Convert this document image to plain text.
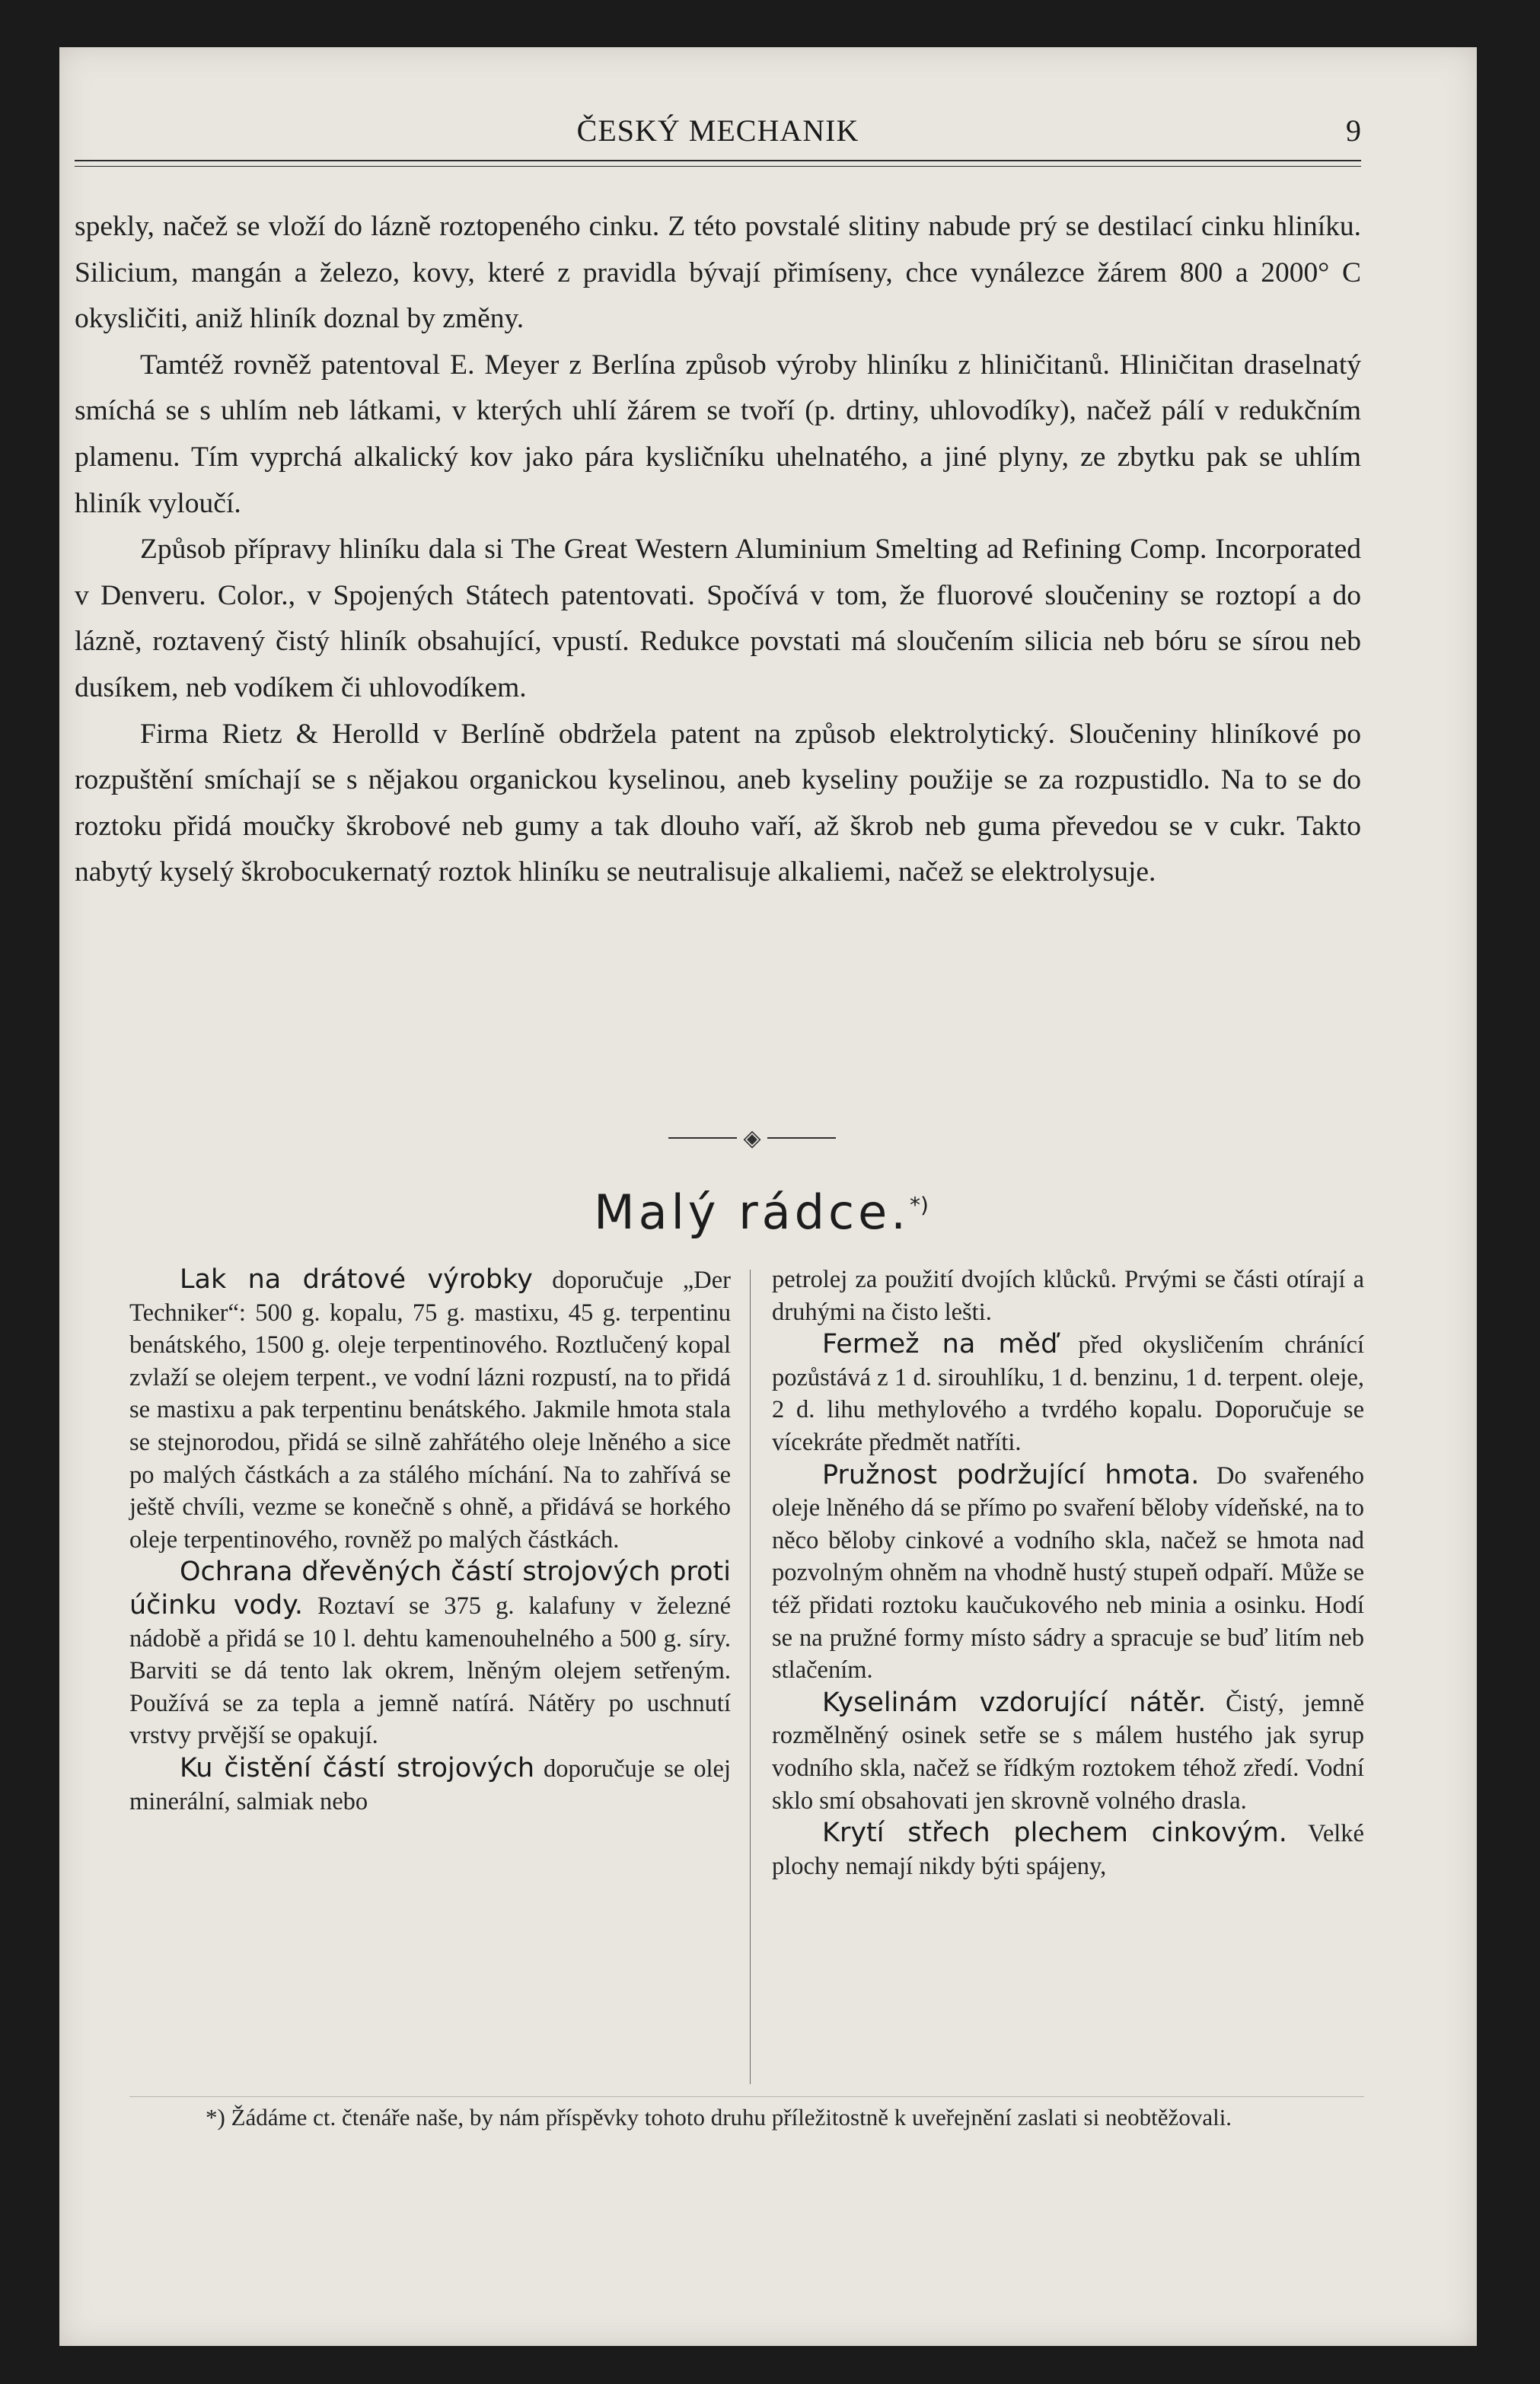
ČESKÝ MECHANIK	9

spekly, načež se vloží do lázně roztopeného cinku. Z této povstalé slitiny nabude prý se destilací cinku hliníku. Silicium, mangán a železo, kovy, které z pravidla bývají přimíseny, chce vynálezce žárem 800 a 2000° C okysličiti, aniž hliník doznal by změny.

Tamtéž rovněž patentoval E. Meyer z Berlína způsob výroby hliníku z hliničitanů. Hliničitan draselnatý smíchá se s uhlím neb látkami, v kterých uhlí žárem se tvoří (p. drtiny, uhlovodíky), načež pálí v redukčním plamenu. Tím vyprchá alkalický kov jako pára kysličníku uhelnatého, a jiné plyny, ze zbytku pak se uhlím hliník vyloučí.

Způsob přípravy hliníku dala si The Great Western Aluminium Smelting ad Refining Comp. Incorporated v Denveru. Color., v Spojených Státech patentovati. Spočívá v tom, že fluorové sloučeniny se roztopí a do lázně, roztavený čistý hliník obsahující, vpustí. Redukce povstati má sloučením silicia neb bóru se sírou neb dusíkem, neb vodíkem či uhlovodíkem.

Firma Rietz & Herolld v Berlíně obdržela patent na způsob elektrolytický. Sloučeniny hliníkové po rozpuštění smíchají se s nějakou organickou kyselinou, aneb kyseliny použije se za rozpustidlo. Na to se do roztoku přidá moučky škrobové neb gumy a tak dlouho vaří, až škrob neb guma převedou se v cukr. Takto nabytý kyselý škrobocukernatý roztok hliníku se neutralisuje alkaliemi, načež se elektrolysuje.

◈
Malý rádce.*)

Lak na drátové výrobky doporučuje „Der Techniker“: 500 g. kopalu, 75 g. mastixu, 45 g. terpentinu benátského, 1500 g. oleje terpentinového. Roztlučený kopal zvlaží se olejem terpent., ve vodní lázni rozpustí, na to přidá se mastixu a pak terpentinu benátského. Jakmile hmota stala se stejnorodou, přidá se silně zahřátého oleje lněného a sice po malých částkách a za stálého míchání. Na to zahřívá se ještě chvíli, vezme se konečně s ohně, a přidává se horkého oleje terpentinového, rovněž po malých částkách.

Ochrana dřevěných částí strojových proti účinku vody. Roztaví se 375 g. kalafuny v železné nádobě a přidá se 10 l. dehtu kamenouhelného a 500 g. síry. Barviti se dá tento lak okrem, lněným olejem setřeným. Používá se za tepla a jemně natírá. Nátěry po uschnutí vrstvy prvější se opakují.

Ku čistění částí strojových doporučuje se olej minerální, salmiak nebo

petrolej za použití dvojích klůcků. Prvými se části otírají a druhými na čisto lešti.

Fermež na měď před okysličením chránící pozůstává z 1 d. sirouhlíku, 1 d. benzinu, 1 d. terpent. oleje, 2 d. lihu methylového a tvrdého kopalu. Doporučuje se vícekráte předmět natříti.

Pružnost podržující hmota. Do svařeného oleje lněného dá se přímo po svaření běloby vídeňské, na to něco běloby cinkové a vodního skla, načež se hmota nad pozvolným ohněm na vhodně hustý stupeň odpaří. Může se též přidati roztoku kaučukového neb minia a osinku. Hodí se na pružné formy místo sádry a spracuje se buď litím neb stlačením.

Kyselinám vzdorující nátěr. Čistý, jemně rozmělněný osinek setře se s málem hustého jak syrup vodního skla, načež se řídkým roztokem téhož zředí. Vodní sklo smí obsahovati jen skrovně volného drasla.

Krytí střech plechem cinkovým. Velké plochy nemají nikdy býti spájeny,

*) Žádáme ct. čtenáře naše, by nám příspěvky tohoto druhu příležitostně k uveřejnění zaslati si neobtěžovali.
